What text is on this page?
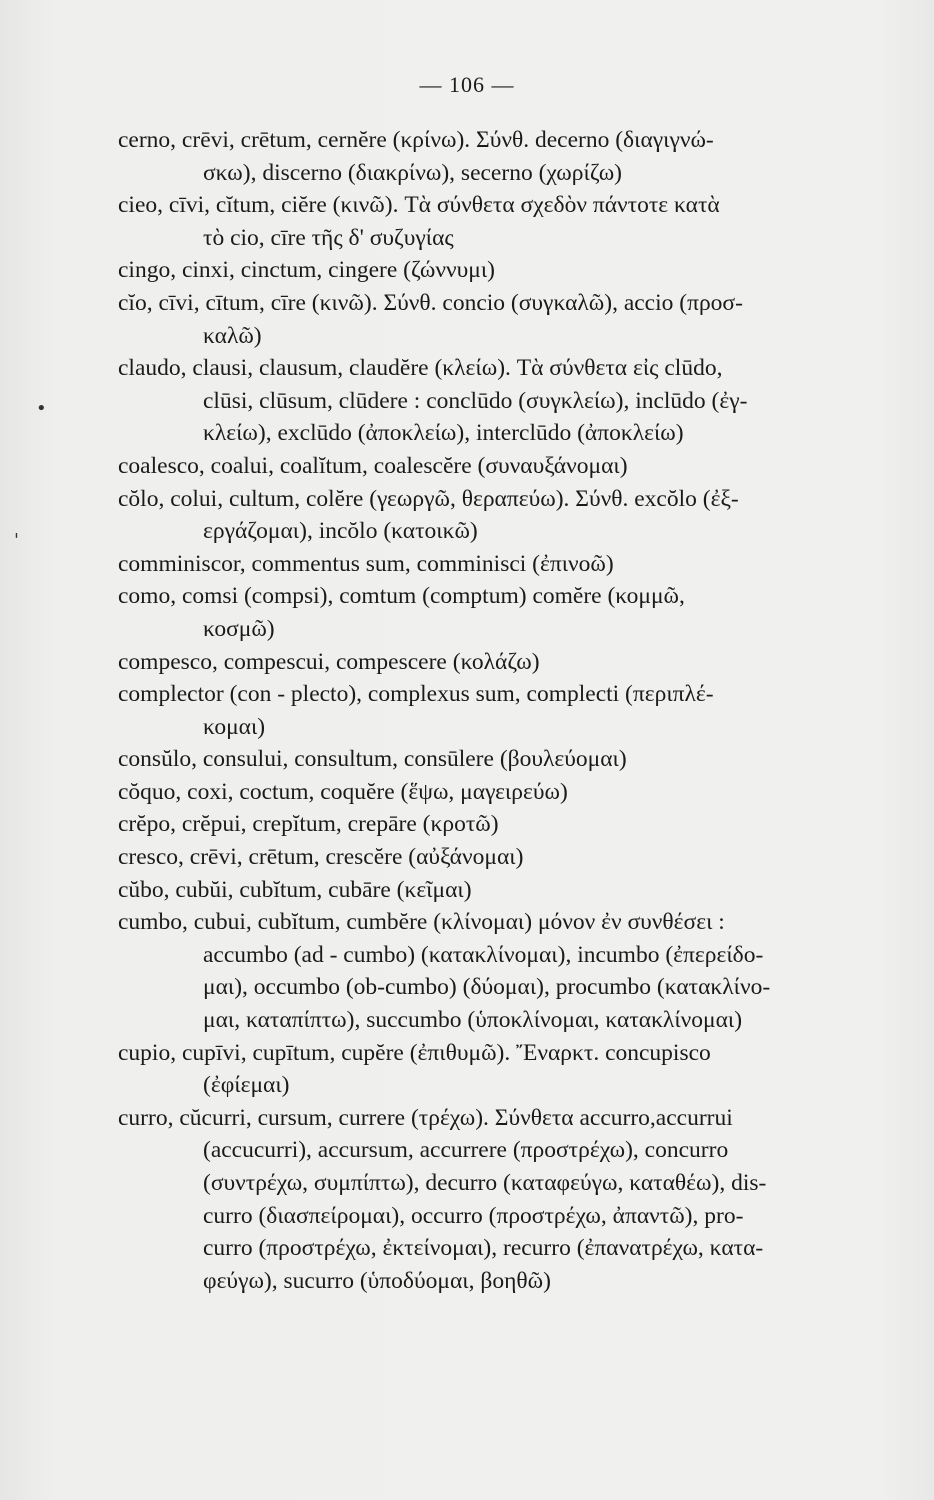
— 106 —
cerno, crēvi, crētum, cernĕre (κρίνω). Σύνθ. decerno (διαγιγνώ-
σκω), discerno (διακρίνω), secerno (χωρίζω)
cieo, cīvi, cĭtum, ciĕre (κινῶ). Τὰ σύνθετα σχεδὸν πάντοτε κατὰ
τὸ cio, cīre τῆς δ' συζυγίας
cingo, cinxi, cinctum, cingere (ζώννυμι)
cĭo, cīvi, cītum, cīre (κινῶ). Σύνθ. concio (συγκαλῶ), accio (προσ-
καλῶ)
claudo, clausi, clausum, claudĕre (κλείω). Τὰ σύνθετα εἰς clūdo,
clūsi, clūsum, clūdere : conclūdo (συγκλείω), inclūdo (ἐγ-
κλείω), exclūdo (ἀποκλείω), interclūdo (ἀποκλείω)
coalesco, coalui, coalĭtum, coalescĕre (συναυξάνομαι)
cŏlo, colui, cultum, colĕre (γεωργῶ, θεραπεύω). Σύνθ. excŏlo (ἐξ-
εργάζομαι), incŏlo (κατοικῶ)
comminiscor, commentus sum, comminisci (ἐπινοῶ)
como, comsi (compsi), comtum (comptum) comĕre (κομμῶ,
κοσμῶ)
compesco, compescui, compescere (κολάζω)
complector (con - plecto), complexus sum, complecti (περιπλέ-
κομαι)
consŭlo, consului, consultum, consūlere (βουλεύομαι)
cŏquo, coxi, coctum, coquĕre (ἕψω, μαγειρεύω)
crĕpo, crĕpui, crepĭtum, crepāre (κροτῶ)
cresco, crēvi, crētum, crescĕre (αὐξάνομαι)
cŭbo, cubŭi, cubĭtum, cubāre (κεῖμαι)
cumbo, cubui, cubĭtum, cumbĕre (κλίνομαι) μόνον ἐν συνθέσει :
accumbo (ad - cumbo) (κατακλίνομαι), incumbo (ἐπερείδο-
μαι), occumbo (ob-cumbo) (δύομαι), procumbo (κατακλίνο-
μαι, καταπίπτω), succumbo (ὑποκλίνομαι, κατακλίνομαι)
cupio, cupīvi, cupītum, cupĕre (ἐπιθυμῶ). Ἔναρκτ. concupisco
(ἐφίεμαι)
curro, cŭcurri, cursum, currere (τρέχω). Σύνθετα accurro,accurrui
(accucurri), accursum, accurrere (προστρέχω), concurro
(συντρέχω, συμπίπτω), decurro (καταφεύγω, καταθέω), dis-
curro (διασπείρομαι), occurro (προστρέχω, ἀπαντῶ), pro-
curro (προστρέχω, ἐκτείνομαι), recurro (ἐπανατρέχω, κατα-
φεύγω), sucurro (ὑποδύομαι, βοηθῶ)
•
'
